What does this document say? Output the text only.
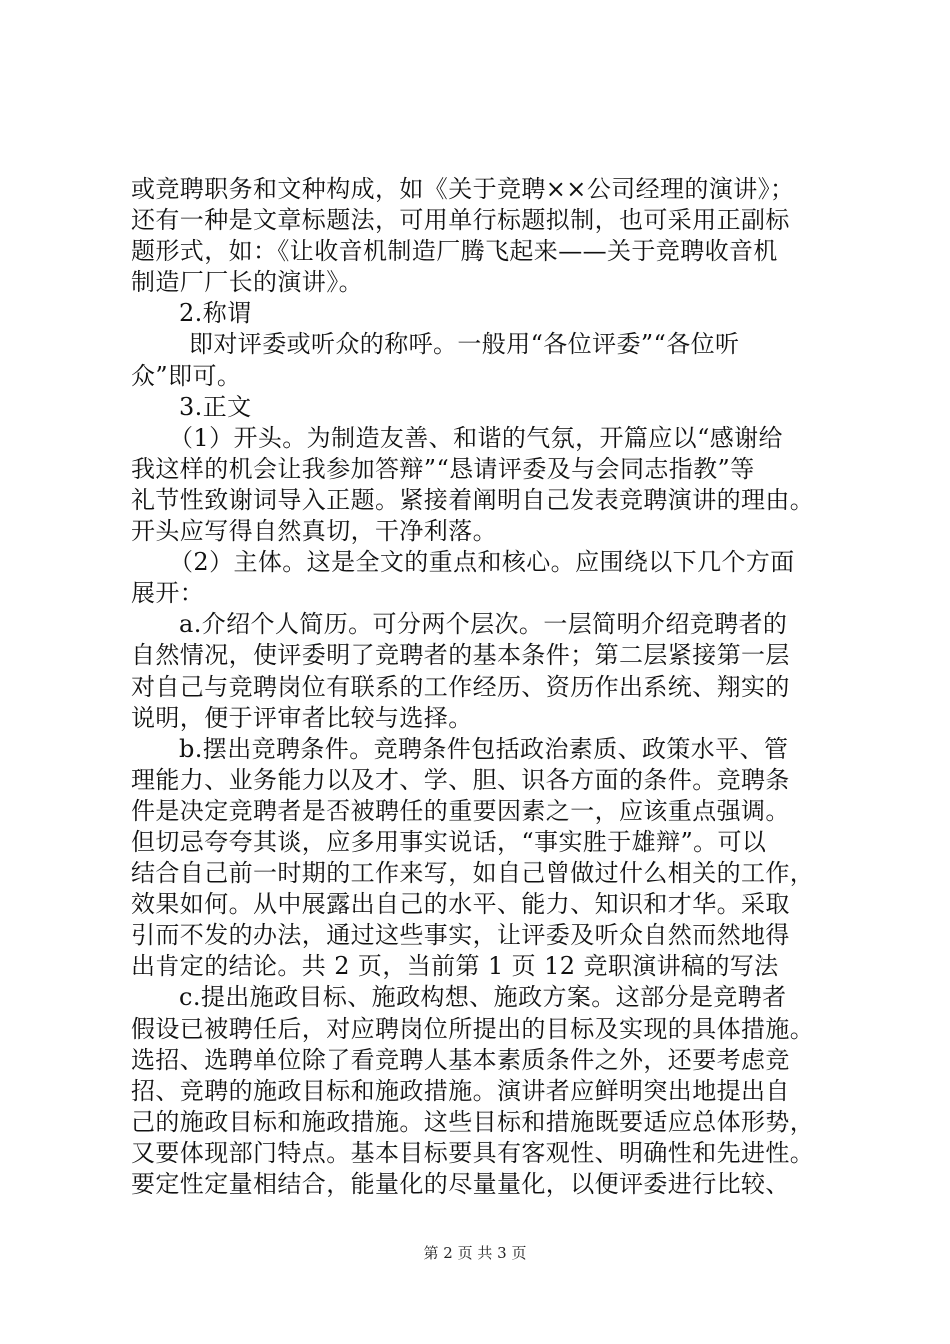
或竞聘职务和文种构成，如《关于竞聘××公司经理的演讲》；
还有一种是文章标题法，可用单行标题拟制，也可采用正副标
题形式，如：《让收音机制造厂腾飞起来——关于竞聘收音机
制造厂厂长的演讲》。
2.称谓
即对评委或听众的称呼。一般用“各位评委”“各位听
众”即可。
3.正文
（1）开头。为制造友善、和谐的气氛，开篇应以“感谢给
我这样的机会让我参加答辩”“恳请评委及与会同志指教”等
礼节性致谢词导入正题。紧接着阐明自己发表竞聘演讲的理由。
开头应写得自然真切，干净利落。
（2）主体。这是全文的重点和核心。应围绕以下几个方面
展开：
a.介绍个人简历。可分两个层次。一层简明介绍竞聘者的
自然情况，使评委明了竞聘者的基本条件；第二层紧接第一层
对自己与竞聘岗位有联系的工作经历、资历作出系统、翔实的
说明，便于评审者比较与选择。
b.摆出竞聘条件。竞聘条件包括政治素质、政策水平、管
理能力、业务能力以及才、学、胆、识各方面的条件。竞聘条
件是决定竞聘者是否被聘任的重要因素之一，应该重点强调。
但切忌夸夸其谈，应多用事实说话，“事实胜于雄辩”。可以
结合自己前一时期的工作来写，如自己曾做过什么相关的工作，
效果如何。从中展露出自己的水平、能力、知识和才华。采取
引而不发的办法，通过这些事实，让评委及听众自然而然地得
出肯定的结论。共 2 页，当前第 1 页 12 竞职演讲稿的写法
c.提出施政目标、施政构想、施政方案。这部分是竞聘者
假设已被聘任后，对应聘岗位所提出的目标及实现的具体措施。
选招、选聘单位除了看竞聘人基本素质条件之外，还要考虑竞
招、竞聘的施政目标和施政措施。演讲者应鲜明突出地提出自
己的施政目标和施政措施。这些目标和措施既要适应总体形势，
又要体现部门特点。基本目标要具有客观性、明确性和先进性。
要定性定量相结合，能量化的尽量量化，以便评委进行比较、
第 2 页 共 3 页
